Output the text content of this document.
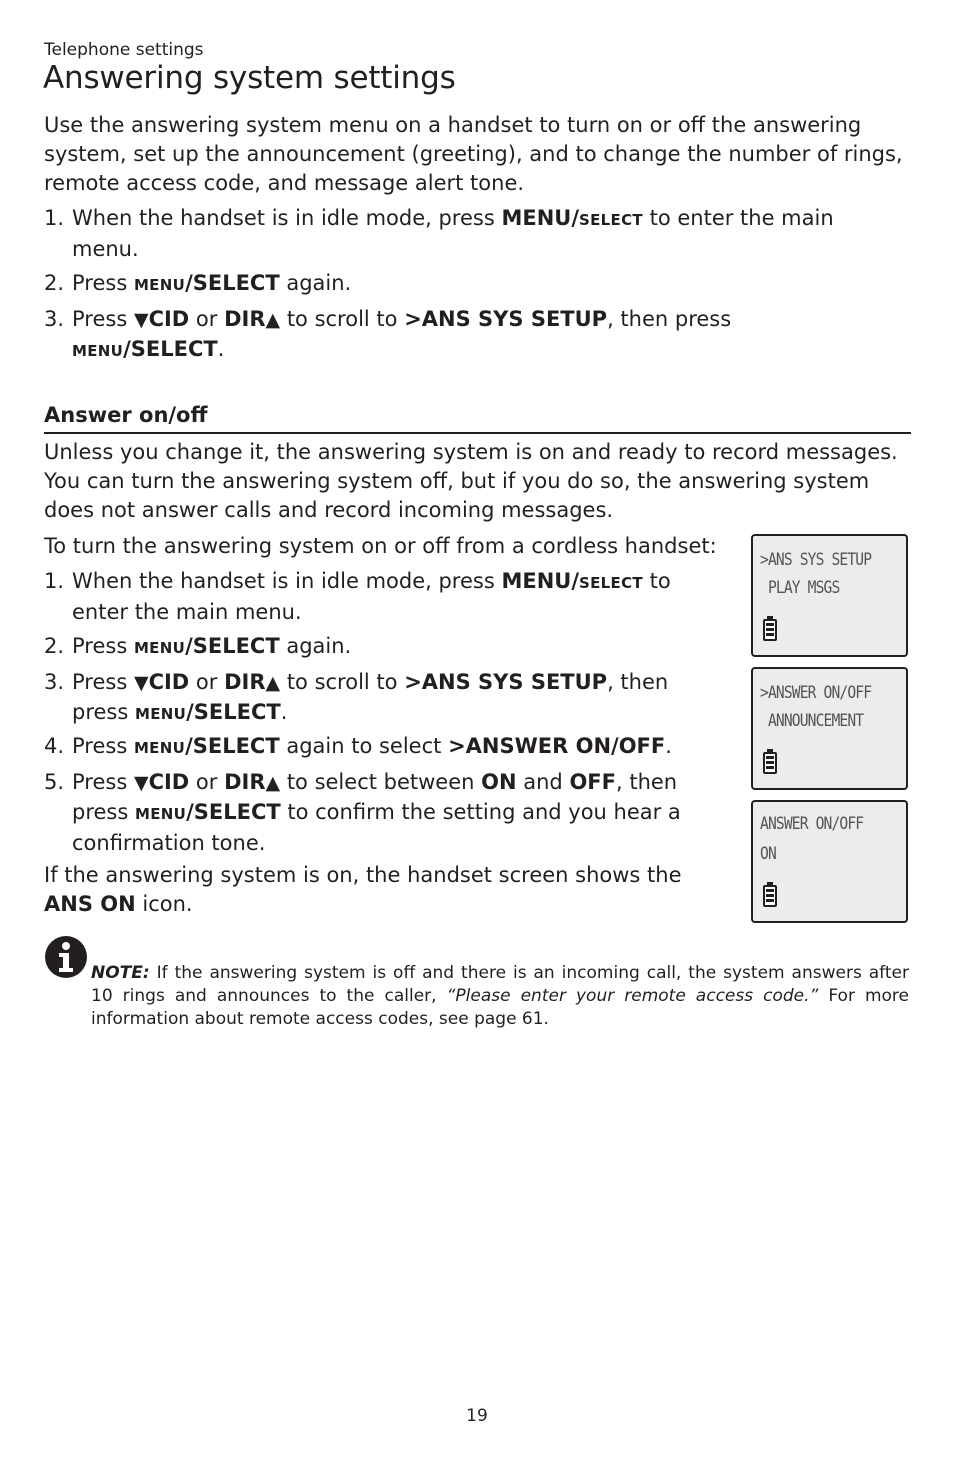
Telephone settings
Answering system settings

Use the answering system menu on a handset to turn on or off the answering system, set up the announcement (greeting), and to change the number of rings, remote access code, and message alert tone.

1. When the handset is in idle mode, press MENU/SELECT to enter the main menu.
2. Press MENU/SELECT again.
3. Press ▼CID or DIR▲ to scroll to >ANS SYS SETUP, then press MENU/SELECT.
Answer on/off

Unless you change it, the answering system is on and ready to record messages. You can turn the answering system off, but if you do so, the answering system does not answer calls and record incoming messages.

To turn the answering system on or off from a cordless handset:

1. When the handset is in idle mode, press MENU/SELECT to enter the main menu.
2. Press MENU/SELECT again.
3. Press ▼CID or DIR▲ to scroll to >ANS SYS SETUP, then press MENU/SELECT.
4. Press MENU/SELECT again to select >ANSWER ON/OFF.
5. Press ▼CID or DIR▲ to select between ON and OFF, then press MENU/SELECT to confirm the setting and you hear a confirmation tone.

If the answering system is on, the handset screen shows the ANS ON icon.

>ANS SYS SETUP
PLAY MSGS
>ANSWER ON/OFF
ANNOUNCEMENT
ANSWER ON/OFF
ON

NOTE: If the answering system is off and there is an incoming call, the system answers after 10 rings and announces to the caller, “Please enter your remote access code.” For more information about remote access codes, see page 61.

19
